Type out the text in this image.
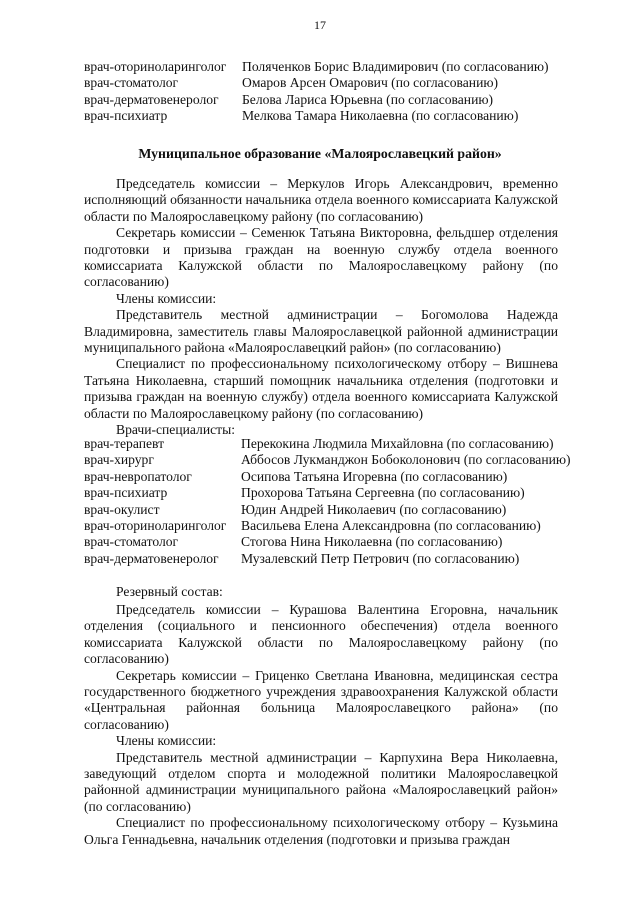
17
врач-оториноларинголог	Поляченков Борис Владимирович (по согласованию)
врач-стоматолог	Омаров Арсен Омарович (по согласованию)
врач-дерматовенеролог	Белова Лариса Юрьевна (по согласованию)
врач-психиатр	Мелкова Тамара Николаевна (по согласованию)
Муниципальное образование «Малоярославецкий район»

Председатель комиссии – Меркулов Игорь Александрович, временно исполняющий обязанности начальника отдела военного комиссариата Калужской области по Малоярославецкому району (по согласованию)

Секретарь комиссии – Семенюк Татьяна Викторовна, фельдшер отделения подготовки и призыва граждан на военную службу отдела военного комиссариата Калужской области по Малоярославецкому району (по согласованию)

Члены комиссии:

Представитель местной администрации – Богомолова Надежда Владимировна, заместитель главы Малоярославецкой районной администрации муниципального района «Малоярославецкий район» (по согласованию)

Специалист по профессиональному психологическому отбору – Вишнева Татьяна Николаевна, старший помощник начальника отделения (подготовки и призыва граждан на военную службу) отдела военного комиссариата Калужской области по Малоярославецкому району (по согласованию)

Врачи-специалисты:

врач-терапевт	Перекокина Людмила Михайловна (по согласованию)
врач-хирург	Аббосов Лукманджон Бобоколонович (по согласованию)
врач-невропатолог	Осипова Татьяна Игоревна (по согласованию)
врач-психиатр	Прохорова Татьяна Сергеевна (по согласованию)
врач-окулист	Юдин Андрей Николаевич (по согласованию)
врач-оториноларинголог	Васильева Елена Александровна (по согласованию)
врач-стоматолог	Стогова Нина Николаевна (по согласованию)
врач-дерматовенеролог	Музалевский Петр Петрович (по согласованию)
Резервный состав:

Председатель комиссии – Курашова Валентина Егоровна, начальник отделения (социального и пенсионного обеспечения) отдела военного комиссариата Калужской области по Малоярославецкому району (по согласованию)

Секретарь комиссии – Гриценко Светлана Ивановна, медицинская сестра государственного бюджетного учреждения здравоохранения Калужской области «Центральная районная больница Малоярославецкого района» (по согласованию)

Члены комиссии:

Представитель местной администрации – Карпухина Вера Николаевна, заведующий отделом спорта и молодежной политики Малоярославецкой районной администрации муниципального района «Малоярославецкий район» (по согласованию)

Специалист по профессиональному психологическому отбору – Кузьмина Ольга Геннадьевна, начальник отделения (подготовки и призыва граждан
